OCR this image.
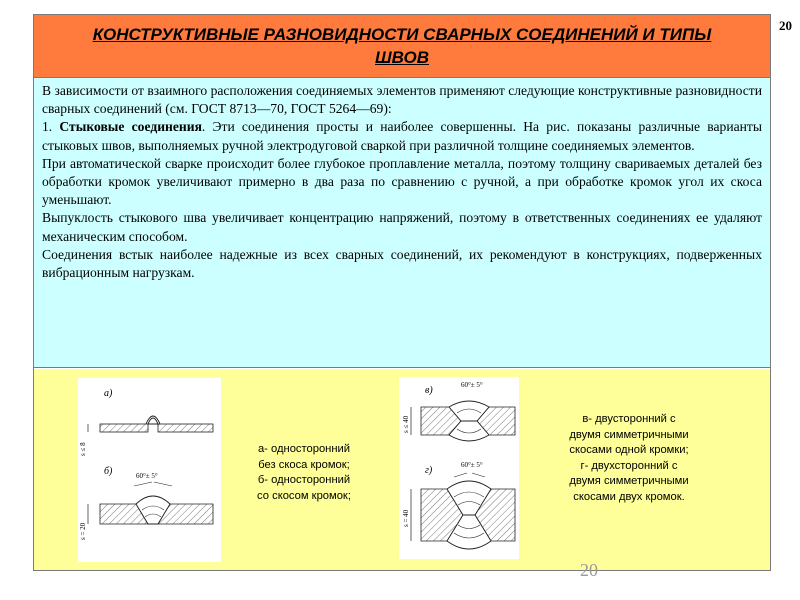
20
КОНСТРУКТИВНЫЕ РАЗНОВИДНОСТИ СВАРНЫХ СОЕДИНЕНИЙ И ТИПЫ ШВОВ

В зависимости от взаимного расположения соединяемых элементов применяют следующие конструктивные разновидности сварных соединений (см. ГОСТ 8713—70, ГОСТ 5264—69):

1. Стыковые соединения. Эти соединения просты и наиболее совершенны. На рис. показаны различные варианты стыковых швов, выполняемых ручной электродуговой сваркой при различной толщине соединяемых элементов.

При автоматической сварке происходит более глубокое проплавление металла, поэтому толщину свариваемых деталей без обработки кромок увеличивают примерно в два раза по сравнению с ручной, а при обработке кромок угол их скоса уменьшают.

Выпуклость стыкового шва увеличивает концентрацию напряжений, поэтому в ответственных соединениях ее удаляют механическим способом.

Соединения встык наиболее надежные из всех сварных соединений, их рекомендуют в конструкциях, подверженных вибрационным нагрузкам.

а)
s ≤ 8
б)	60°± 5°
s = 20
а- односторонний
без скоса кромок;
б- односторонний
со скосом кромок;
в)	60°± 5°
s ≤ 40
г)	60°± 5°
s = 40
в- двусторонний с
двумя симметричными
скосами одной кромки;
г- двухсторонний с
двумя симметричными
скосами двух кромок.
20
